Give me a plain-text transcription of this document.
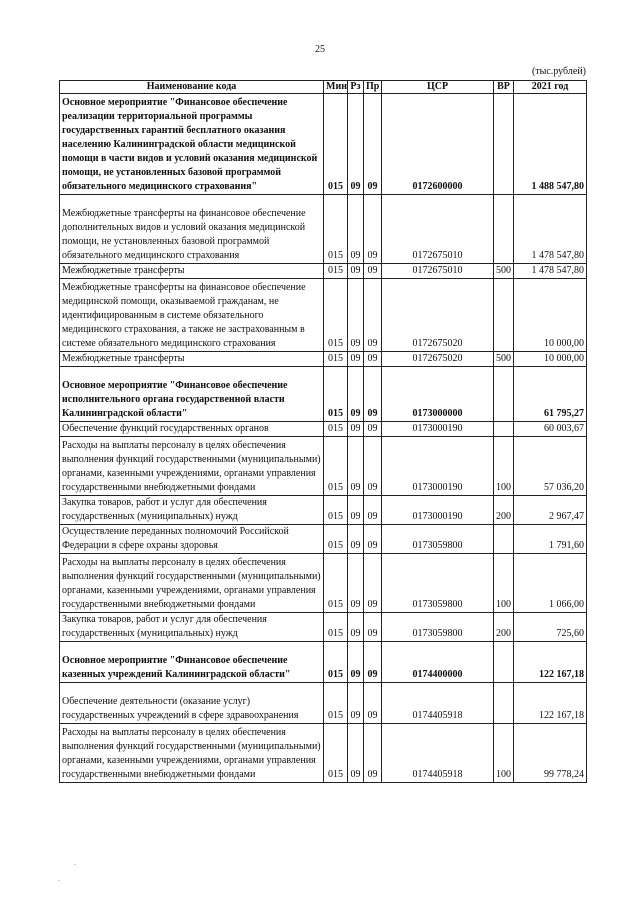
25
(тыс.рублей)
Наименование кода	Мин	Рз	Пр	ЦСР	ВР	2021 год
Основное мероприятие "Финансовое обеспечение реализации территориальной программы государственных гарантий бесплатного оказания населению Калининградской области медицинской помощи в части видов и условий оказания медицинской помощи, не установленных базовой программой обязательного медицинского страхования"	015	09	09	0172600000		1 488 547,80
Межбюджетные трансферты на финансовое обеспечение дополнительных видов и условий оказания медицинской помощи, не установленных базовой программой обязательного медицинского страхования	015	09	09	0172675010		1 478 547,80
Межбюджетные трансферты	015	09	09	0172675010	500	1 478 547,80
Межбюджетные трансферты на финансовое обеспечение медицинской помощи, оказываемой гражданам, не идентифицированным в системе обязательного медицинского страхования, а также не застрахованным в системе обязательного медицинского страхования	015	09	09	0172675020		10 000,00
Межбюджетные трансферты	015	09	09	0172675020	500	10 000,00
Основное мероприятие "Финансовое обеспечение исполнительного органа государственной власти Калининградской области"	015	09	09	0173000000		61 795,27
Обеспечение функций государственных органов	015	09	09	0173000190		60 003,67
Расходы на выплаты персоналу в целях обеспечения выполнения функций государственными (муниципальными) органами, казенными учреждениями, органами управления государственными внебюджетными фондами	015	09	09	0173000190	100	57 036,20
Закупка товаров, работ и услуг для обеспечения государственных (муниципальных) нужд	015	09	09	0173000190	200	2 967,47
Осуществление переданных полномочий Российской Федерации в сфере охраны здоровья	015	09	09	0173059800		1 791,60
Расходы на выплаты персоналу в целях обеспечения выполнения функций государственными (муниципальными) органами, казенными учреждениями, органами управления государственными внебюджетными фондами	015	09	09	0173059800	100	1 066,00
Закупка товаров, работ и услуг для обеспечения государственных (муниципальных) нужд	015	09	09	0173059800	200	725,60
Основное мероприятие "Финансовое обеспечение казенных учреждений Калининградской области"	015	09	09	0174400000		122 167,18
Обеспечение деятельности (оказание услуг) государственных учреждений в сфере здравоохранения	015	09	09	0174405918		122 167,18
Расходы на выплаты персоналу в целях обеспечения выполнения функций государственными (муниципальными) органами, казенными учреждениями, органами управления государственными внебюджетными фондами	015	09	09	0174405918	100	99 778,24
.
.
